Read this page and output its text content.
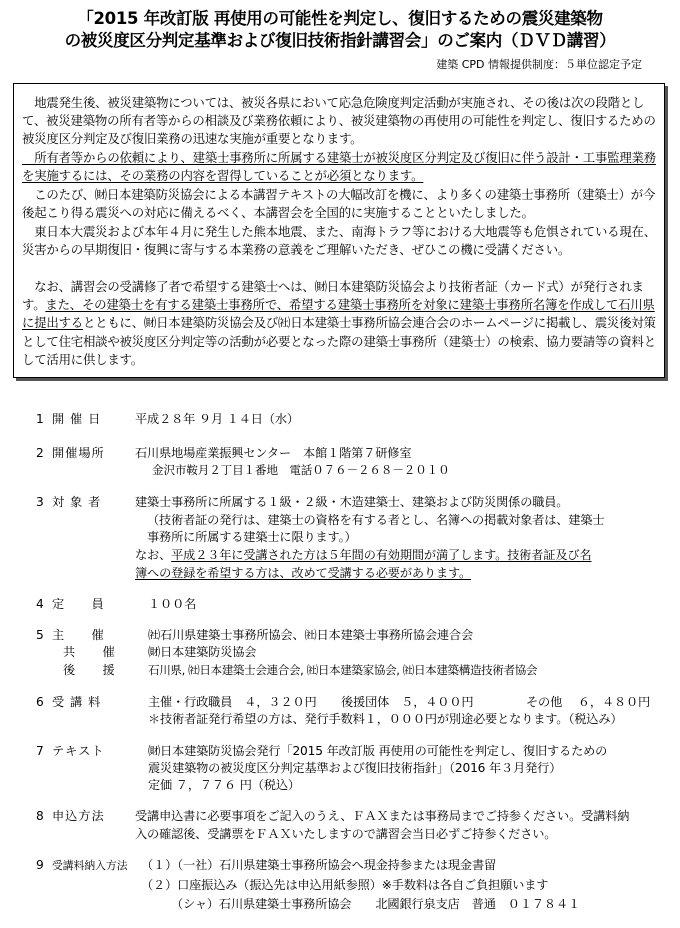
「2015 年改訂版 再使用の可能性を判定し、復旧するための震災建築物
の被災度区分判定基準および復旧技術指針講習会」のご案内（ＤＶＤ講習）
建築 CPD 情報提供制度：５単位認定予定
　地震発生後、被災建築物については、被災各県において応急危険度判定活動が実施され、その後は次の段階として、被災建築物の所有者等からの相談及び業務依頼により、被災建築物の再使用の可能性を判定し、復旧するための被災度区分判定及び復旧業務の迅速な実施が重要となります。
　所有者等からの依頼により、建築士事務所に所属する建築士が被災度区分判定及び復旧に伴う設計・工事監理業務を実施するには、その業務の内容を習得していることが必須となります。
　このたび、㈶日本建築防災協会による本講習テキストの大幅改訂を機に、より多くの建築士事務所（建築士）が今後起こり得る震災への対応に備えるべく、本講習会を全国的に実施することといたしました。
　東日本大震災および本年４月に発生した熊本地震、また、南海トラフ等における大地震等も危惧されている現在、災害からの早期復旧・復興に寄与する本業務の意義をご理解いただき、ぜひこの機に受講ください。
　なお、講習会の受講修了者で希望する建築士へは、㈶日本建築防災協会より技術者証（カード式）が発行されます。また、その建築士を有する建築士事務所で、希望する建築士事務所を対象に建築士事務所名簿を作成して石川県に提出するとともに、㈶日本建築防災協会及び㈳日本建築士事務所協会連合会のホームページに掲載し、震災後対策として住宅相談や被災度区分判定等の活動が必要となった際の建築士事務所（建築士）の検索、協力要請等の資料として活用に供します。
1 開 催 日	平成２８年 ９月 １４日（水）
2 開催場所 石川県地場産業振興センター　本館１階第７研修室
金沢市鞍月２丁目１番地　電話０７６－２６８－２０１０
3 対 象 者	建築士事務所に所属する１級・２級・木造建築士、建築および防災関係の職員。
（技術者証の発行は、建築士の資格を有する者とし、名簿への掲載対象者は、建築士
事務所に所属する建築士に限ります。）
なお、平成２３年に受講された方は５年間の有効期間が満了します。技術者証及び名
簿への登録を希望する方は、改めて受講する必要があります。
4 定　　員	１００名
5 主　　催	㈳石川県建築士事務所協会、㈳日本建築士事務所協会連合会
共　　催	㈶日本建築防災協会
後　　援	石川県, ㈳日本建築士会連合会, ㈳日本建築家協会, ㈳日本建築構造技術者協会
6 受 講 料	主催・行政職員　４，３２０円 後援団体　５，４００円	その他　 ６，４８０円
＊技術者証発行希望の方は、発行手数料１，０００円が別途必要となります。（税込み）
7 テキスト	㈶日本建築防災協会発行「2015 年改訂版 再使用の可能性を判定し、復旧するための
震災建築物の被災度区分判定基準および復旧技術指針」（2016 年３月発行）
定価 ７，７７６ 円（税込）
8 申込方法 受講申込書に必要事項をご記入のうえ、ＦＡＸまたは事務局までご持参ください。受講料納
入の確認後、受講票をＦＡＸいたしますので講習会当日必ずご持参ください。
9 受講料納入方法 （１）（一社）石川県建築士事務所協会へ現金持参または現金書留
（２）口座振込み（振込先は申込用紙参照）※手数料は各自ご負担願います
（シャ）石川県建築士事務所協会　　北國銀行泉支店　普通　０１７８４１
